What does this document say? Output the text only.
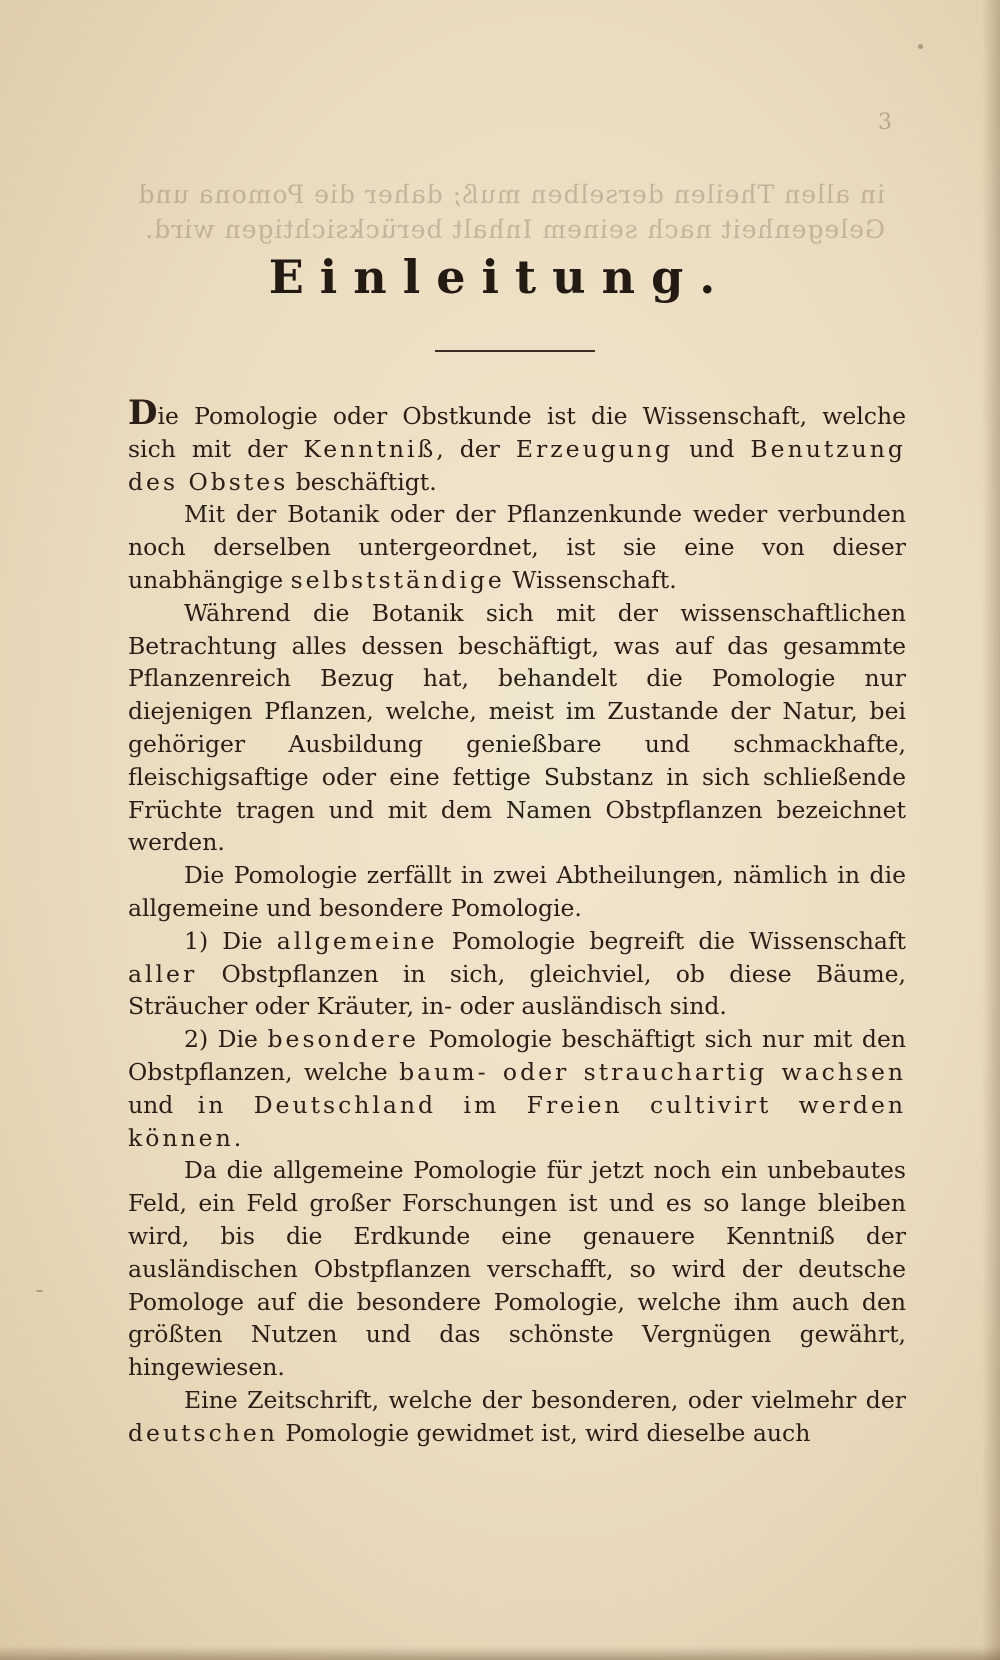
3
in allen Theilen derselben muß; daher die Pomona und
Gelegenheit nach seinem Inhalt berücksichtigen wird.
Einleitung.

Die Pomologie oder Obstkunde ist die Wissenschaft, welche sich mit der Kenntniß, der Erzeugung und Benutzung des Obstes beschäftigt.

Mit der Botanik oder der Pflanzenkunde weder verbunden noch derselben untergeordnet, ist sie eine von dieser unabhängige selbstständige Wissenschaft.

Während die Botanik sich mit der wissenschaftlichen Betrachtung alles dessen beschäftigt, was auf das gesammte Pflanzenreich Bezug hat, behandelt die Pomologie nur diejenigen Pflanzen, welche, meist im Zustande der Natur, bei gehöriger Ausbildung genießbare und schmackhafte, fleischigsaftige oder eine fettige Substanz in sich schließende Früchte tragen und mit dem Namen Obstpflanzen bezeichnet werden.

Die Pomologie zerfällt in zwei Abtheilungen, nämlich in die allgemeine und besondere Pomologie.

1) Die allgemeine Pomologie begreift die Wissenschaft aller Obstpflanzen in sich, gleichviel, ob diese Bäume, Sträucher oder Kräuter, in- oder ausländisch sind.

2) Die besondere Pomologie beschäftigt sich nur mit den Obstpflanzen, welche baum- oder strauchartig wachsen und in Deutschland im Freien cultivirt werden können.

Da die allgemeine Pomologie für jetzt noch ein unbebautes Feld, ein Feld großer Forschungen ist und es so lange bleiben wird, bis die Erdkunde eine genauere Kenntniß der ausländischen Obstpflanzen verschafft, so wird der deutsche Pomologe auf die besondere Pomologie, welche ihm auch den größten Nutzen und das schönste Vergnügen gewährt, hingewiesen.

Eine Zeitschrift, welche der besonderen, oder vielmehr der deutschen Pomologie gewidmet ist, wird dieselbe auch
